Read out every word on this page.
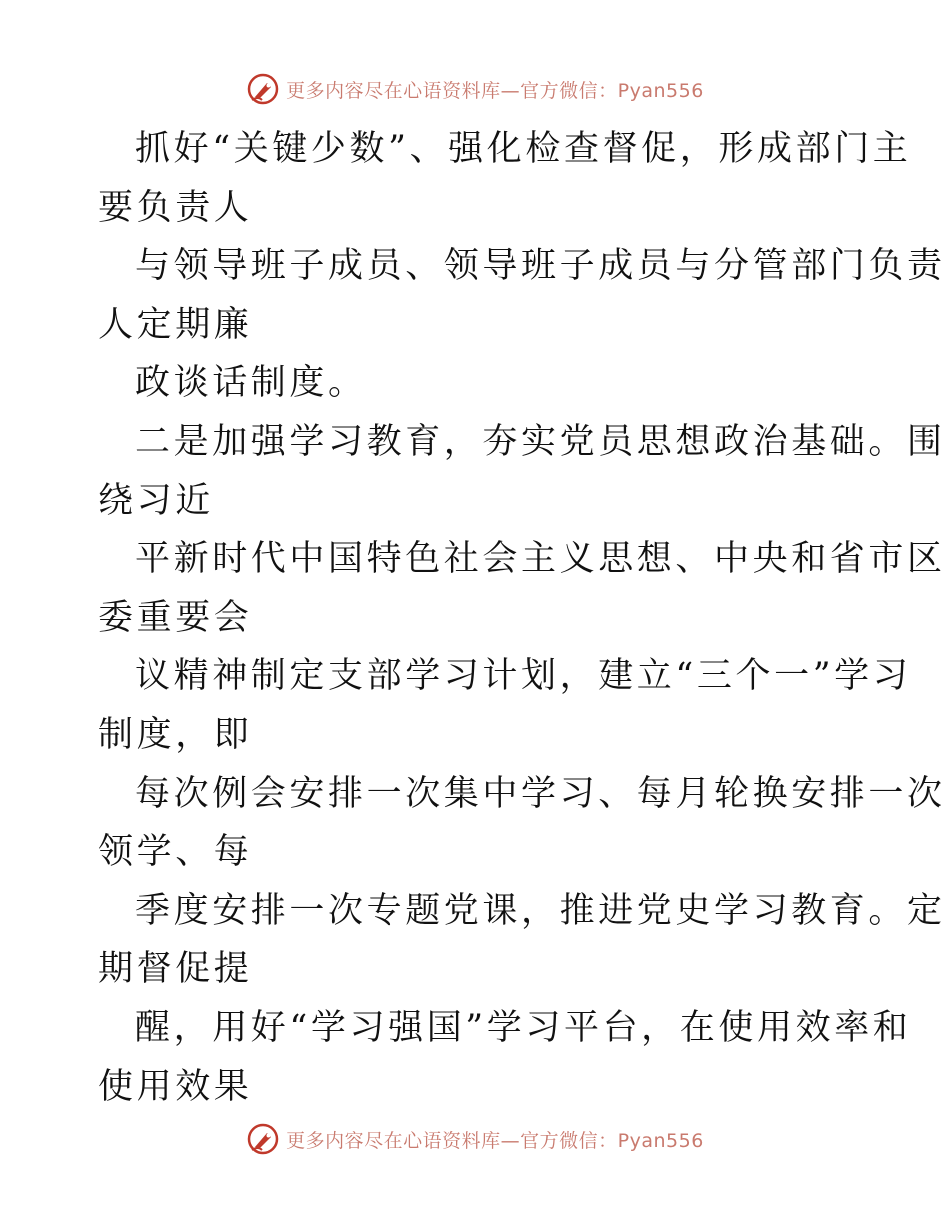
更多内容尽在心语资料库—官方微信：Pyan556
抓好“关键少数”、强化检查督促，形成部门主
要负责人
与领导班子成员、领导班子成员与分管部门负责
人定期廉
政谈话制度。
二是加强学习教育，夯实党员思想政治基础。围
绕习近
平新时代中国特色社会主义思想、中央和省市区
委重要会
议精神制定支部学习计划，建立“三个一”学习
制度，即
每次例会安排一次集中学习、每月轮换安排一次
领学、每
季度安排一次专题党课，推进党史学习教育。定
期督促提
醒，用好“学习强国”学习平台，在使用效率和
使用效果
更多内容尽在心语资料库—官方微信：Pyan556
